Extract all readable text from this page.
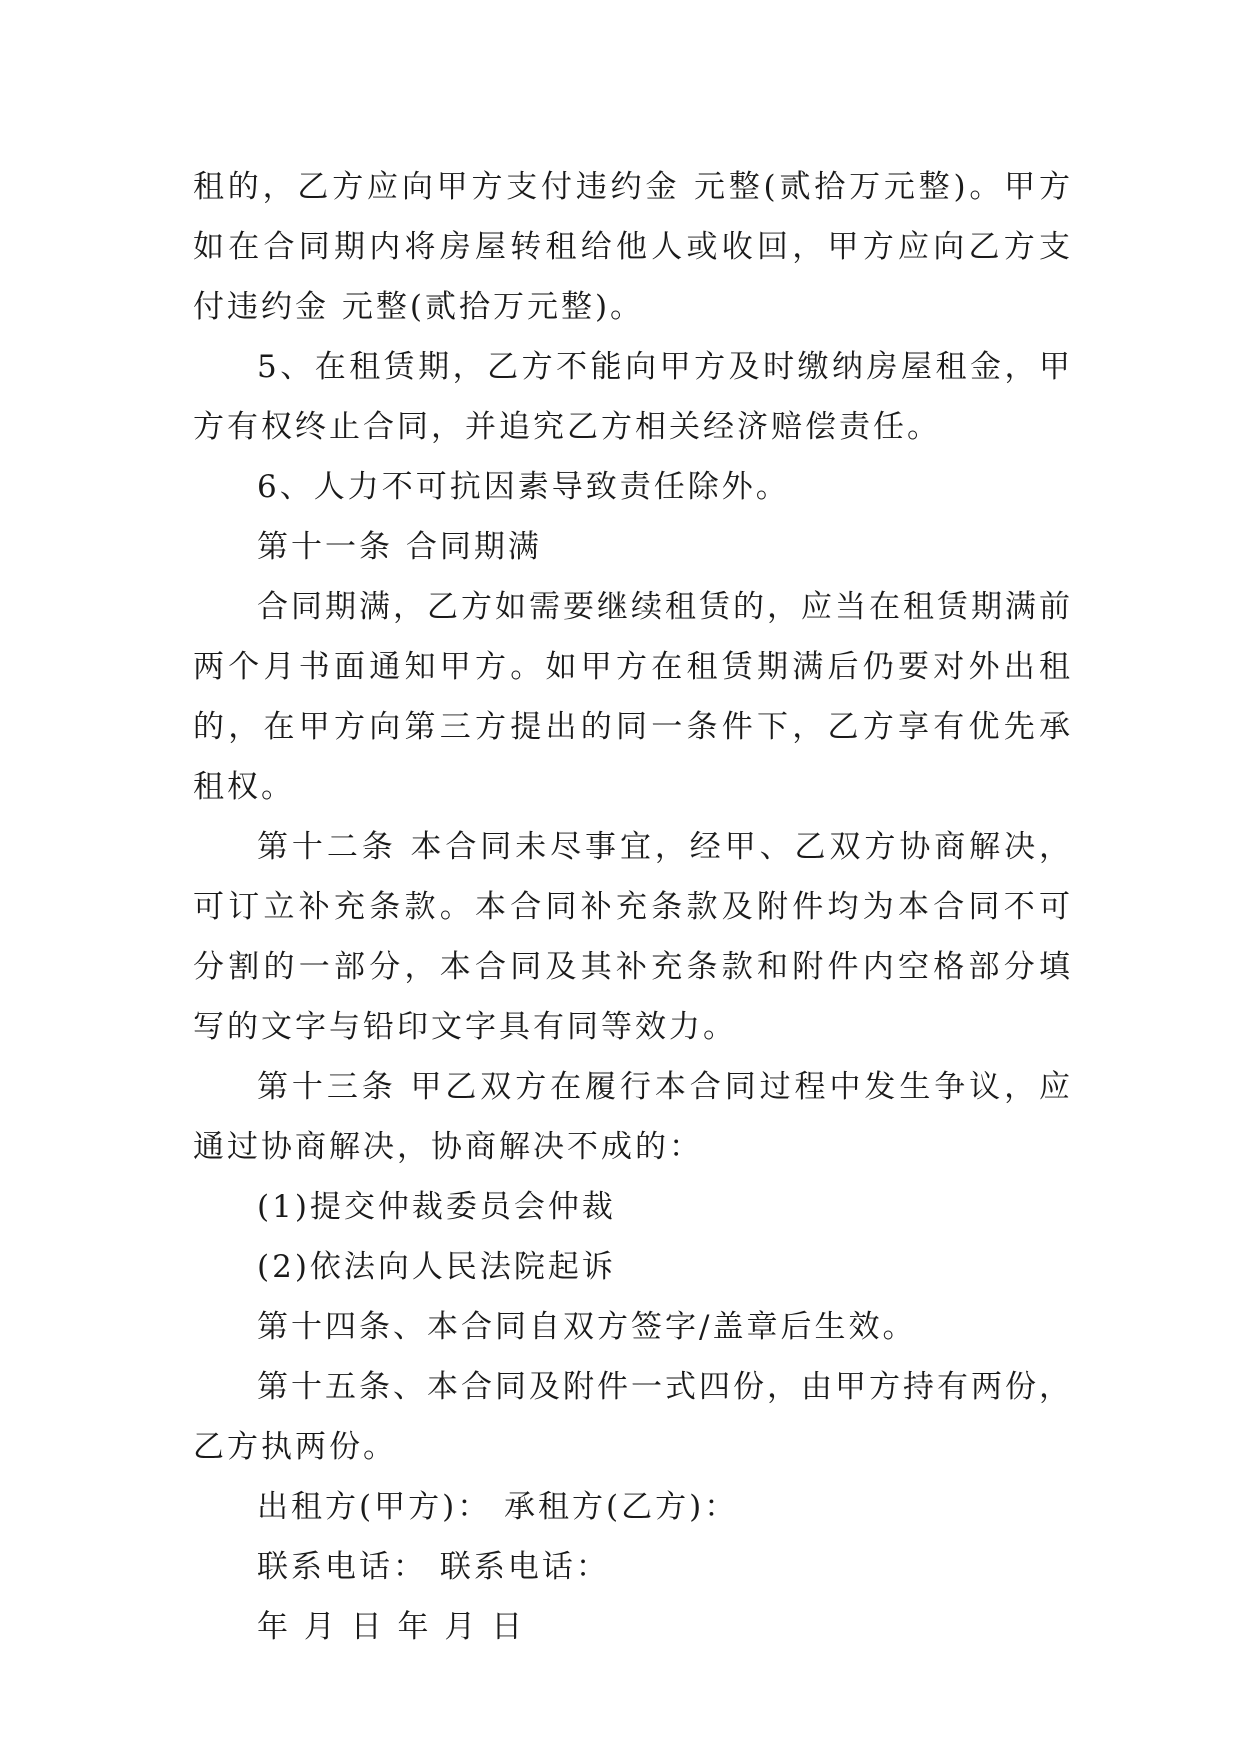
租的，乙方应向甲方支付违约金 元整(贰拾万元整)。甲方如在合同期内将房屋转租给他人或收回，甲方应向乙方支付违约金 元整(贰拾万元整)。

5、在租赁期，乙方不能向甲方及时缴纳房屋租金，甲方有权终止合同，并追究乙方相关经济赔偿责任。

6、人力不可抗因素导致责任除外。

第十一条 合同期满

合同期满，乙方如需要继续租赁的，应当在租赁期满前两个月书面通知甲方。如甲方在租赁期满后仍要对外出租的，在甲方向第三方提出的同一条件下，乙方享有优先承租权。

第十二条 本合同未尽事宜，经甲、乙双方协商解决，可订立补充条款。本合同补充条款及附件均为本合同不可分割的一部分，本合同及其补充条款和附件内空格部分填写的文字与铅印文字具有同等效力。

第十三条 甲乙双方在履行本合同过程中发生争议，应通过协商解决，协商解决不成的：

(1)提交仲裁委员会仲裁

(2)依法向人民法院起诉

第十四条、本合同自双方签字/盖章后生效。

第十五条、本合同及附件一式四份，由甲方持有两份，乙方执两份。

出租方(甲方)： 承租方(乙方)：

联系电话： 联系电话：

年 月 日 年 月 日
